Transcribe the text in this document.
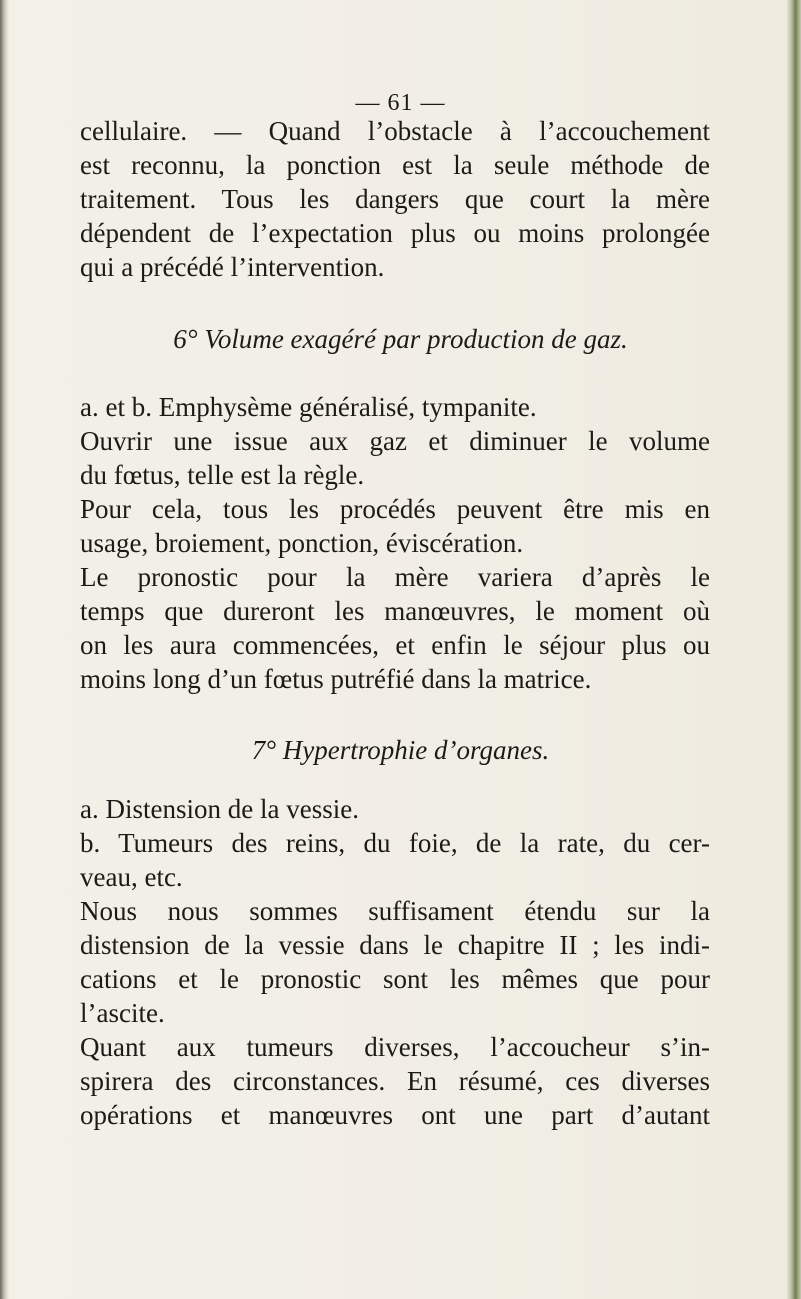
— 61 —
cellulaire. — Quand l’obstacle à l’accouchement
est reconnu, la ponction est la seule méthode de
traitement. Tous les dangers que court la mère
dépendent de l’expectation plus ou moins prolongée
qui a précédé l’intervention.
6° Volume exagéré par production de gaz.
a. et b. Emphysème généralisé, tympanite.
Ouvrir une issue aux gaz et diminuer le volume
du fœtus, telle est la règle.
Pour cela, tous les procédés peuvent être mis en
usage, broiement, ponction, éviscération.
Le pronostic pour la mère variera d’après le
temps que dureront les manœuvres, le moment où
on les aura commencées, et enfin le séjour plus ou
moins long d’un fœtus putréfié dans la matrice.
7° Hypertrophie d’organes.
a. Distension de la vessie.
b. Tumeurs des reins, du foie, de la rate, du cer-
veau, etc.
Nous nous sommes suffisament étendu sur la
distension de la vessie dans le chapitre II ; les indi-
cations et le pronostic sont les mêmes que pour
l’ascite.
Quant aux tumeurs diverses, l’accoucheur s’in-
spirera des circonstances. En résumé, ces diverses
opérations et manœuvres ont une part d’autant
